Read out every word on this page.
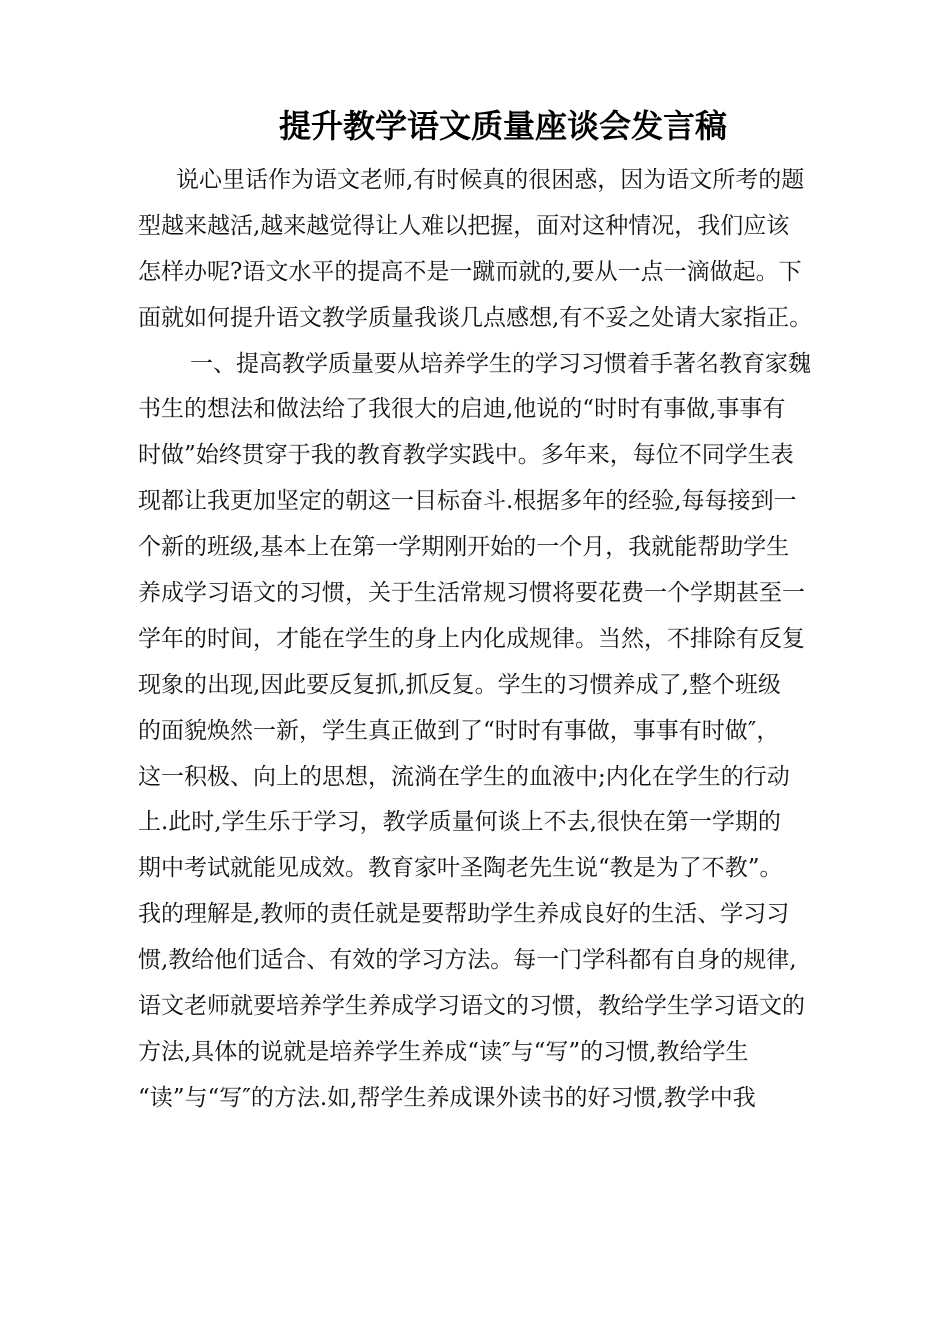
提升教学语文质量座谈会发言稿
说心里话作为语文老师,有时候真的很困惑，因为语文所考的题
型越来越活,越来越觉得让人难以把握，面对这种情况，我们应该
怎样办呢?语文水平的提高不是一蹴而就的,要从一点一滴做起。下
面就如何提升语文教学质量我谈几点感想,有不妥之处请大家指正。
一、提高教学质量要从培养学生的学习习惯着手著名教育家魏
书生的想法和做法给了我很大的启迪,他说的“时时有事做,事事有
时做”始终贯穿于我的教育教学实践中。多年来，每位不同学生表
现都让我更加坚定的朝这一目标奋斗.根据多年的经验,每每接到一
个新的班级,基本上在第一学期刚开始的一个月，我就能帮助学生
养成学习语文的习惯，关于生活常规习惯将要花费一个学期甚至一
学年的时间，才能在学生的身上内化成规律。当然，不排除有反复
现象的出现,因此要反复抓,抓反复。学生的习惯养成了,整个班级
的面貌焕然一新，学生真正做到了“时时有事做，事事有时做″，
这一积极、向上的思想，流淌在学生的血液中;内化在学生的行动
上.此时,学生乐于学习，教学质量何谈上不去,很快在第一学期的
期中考试就能见成效。教育家叶圣陶老先生说“教是为了不教”。
我的理解是,教师的责任就是要帮助学生养成良好的生活、学习习
惯,教给他们适合、有效的学习方法。每一门学科都有自身的规律,
语文老师就要培养学生养成学习语文的习惯，教给学生学习语文的
方法,具体的说就是培养学生养成“读″与“写”的习惯,教给学生
“读”与“写″的方法.如,帮学生养成课外读书的好习惯,教学中我
